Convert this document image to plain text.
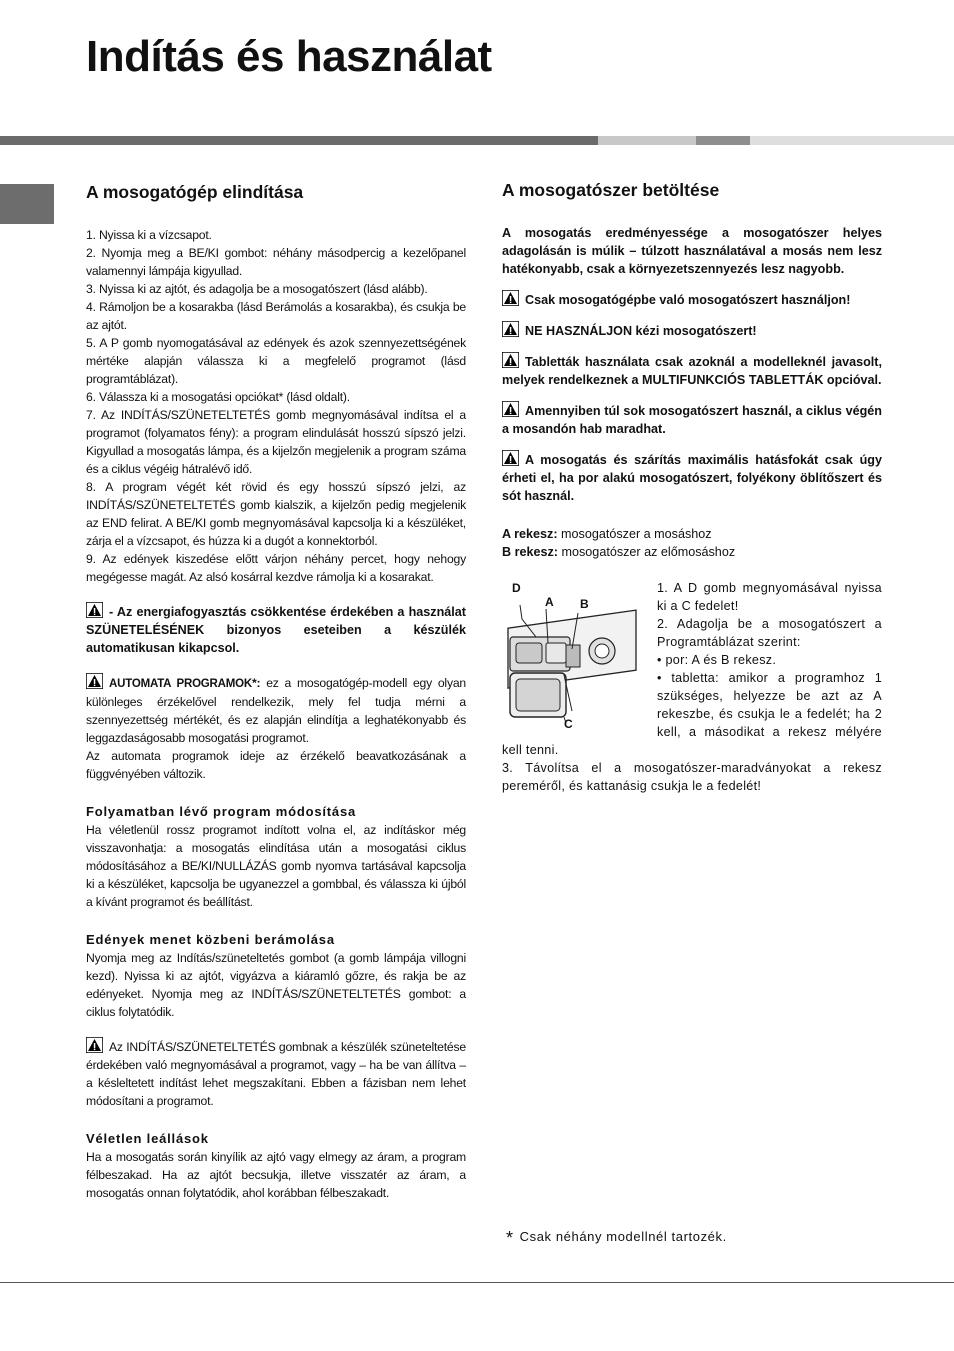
Indítás és használat
A mosogatógép elindítása

1. Nyissa ki a vízcsapot.

2. Nyomja meg a BE/KI gombot: néhány másodpercig a kezelőpanel valamennyi lámpája kigyullad.

3. Nyissa ki az ajtót, és adagolja be a mosogatószert (lásd alább).

4. Rámoljon be a kosarakba (lásd Berámolás a kosarakba), és csukja be az ajtót.

5. A P gomb nyomogatásával az edények és azok szennyezettségének mértéke alapján válassza ki a megfelelő programot (lásd programtáblázat).

6. Válassza ki a mosogatási opciókat* (lásd oldalt).

7. Az INDÍTÁS/SZÜNETELTETÉS gomb megnyomásával indítsa el a programot (folyamatos fény): a program elindulását hosszú sípszó jelzi. Kigyullad a mosogatás lámpa, és a kijelzőn megjelenik a program száma és a ciklus végéig hátralévő idő.

8. A program végét két rövid és egy hosszú sípszó jelzi, az INDÍTÁS/SZÜNETELTETÉS gomb kialszik, a kijelzőn pedig megjelenik az END felirat. A BE/KI gomb megnyomásával kapcsolja ki a készüléket, zárja el a vízcsapot, és húzza ki a dugót a konnektorból.

9. Az edények kiszedése előtt várjon néhány percet, hogy nehogy megégesse magát. Az alsó kosárral kezdve rámolja ki a kosarakat.

- Az energiafogyasztás csökkentése érdekében a használat SZÜNETELÉSÉNEK bizonyos eseteiben a készülék automatikusan kikapcsol.

AUTOMATA PROGRAMOK*: ez a mosogatógép-modell egy olyan különleges érzékelővel rendelkezik, mely fel tudja mérni a szennyezettség mértékét, és ez alapján elindítja a leghatékonyabb és leggazdaságosabb mosogatási programot.

Az automata programok ideje az érzékelő beavatkozásának a függvényében változik.

Folyamatban lévő program módosítása

Ha véletlenül rossz programot indított volna el, az indításkor még visszavonhatja: a mosogatás elindítása után a mosogatási ciklus módosításához a BE/KI/NULLÁZÁS gomb nyomva tartásával kapcsolja ki a készüléket, kapcsolja be ugyanezzel a gombbal, és válassza ki újból a kívánt programot és beállítást.

Edények menet közbeni berámolása

Nyomja meg az Indítás/szüneteltetés gombot (a gomb lámpája villogni kezd). Nyissa ki az ajtót, vigyázva a kiáramló gőzre, és rakja be az edényeket. Nyomja meg az INDÍTÁS/SZÜNETELTETÉS gombot: a ciklus folytatódik.

Az INDÍTÁS/SZÜNETELTETÉS gombnak a készülék szüneteltetése érdekében való megnyomásával a programot, vagy – ha be van állítva – a késleltetett indítást lehet megszakítani. Ebben a fázisban nem lehet módosítani a programot.

Véletlen leállások

Ha a mosogatás során kinyílik az ajtó vagy elmegy az áram, a program félbeszakad. Ha az ajtót becsukja, illetve visszatér az áram, a mosogatás onnan folytatódik, ahol korábban félbeszakadt.

A mosogatószer betöltése

A mosogatás eredményessége a mosogatószer helyes adagolásán is múlik – túlzott használatával a mosás nem lesz hatékonyabb, csak a környezetszennyezés lesz nagyobb.

Csak mosogatógépbe való mosogatószert használjon!

NE HASZNÁLJON kézi mosogatószert!

Tabletták használata csak azoknál a modelleknél javasolt, melyek rendelkeznek a MULTIFUNKCIÓS TABLETTÁK opcióval.

Amennyiben túl sok mosogatószert használ, a ciklus végén a mosandón hab maradhat.

A mosogatás és szárítás maximális hatásfokát csak úgy érheti el, ha por alakú mosogatószert, folyékony öblítőszert és sót használ.

A rekesz: mosogatószer a mosáshoz

B rekesz: mosogatószer az előmosáshoz

D
A B
C

1. A D gomb megnyomásával nyissa ki a C fedelet!

2. Adagolja be a mosogatószert a Programtáblázat szerint:

• por: A és B rekesz.

• tabletta: amikor a programhoz 1 szükséges, helyezze be azt az A rekeszbe, és csukja le a fedelét; ha 2 kell, a másodikat a rekesz mélyére kell tenni.

3. Távolítsa el a mosogatószer-maradványokat a rekesz pereméről, és kattanásig csukja le a fedelét!

* Csak néhány modellnél tartozék.
